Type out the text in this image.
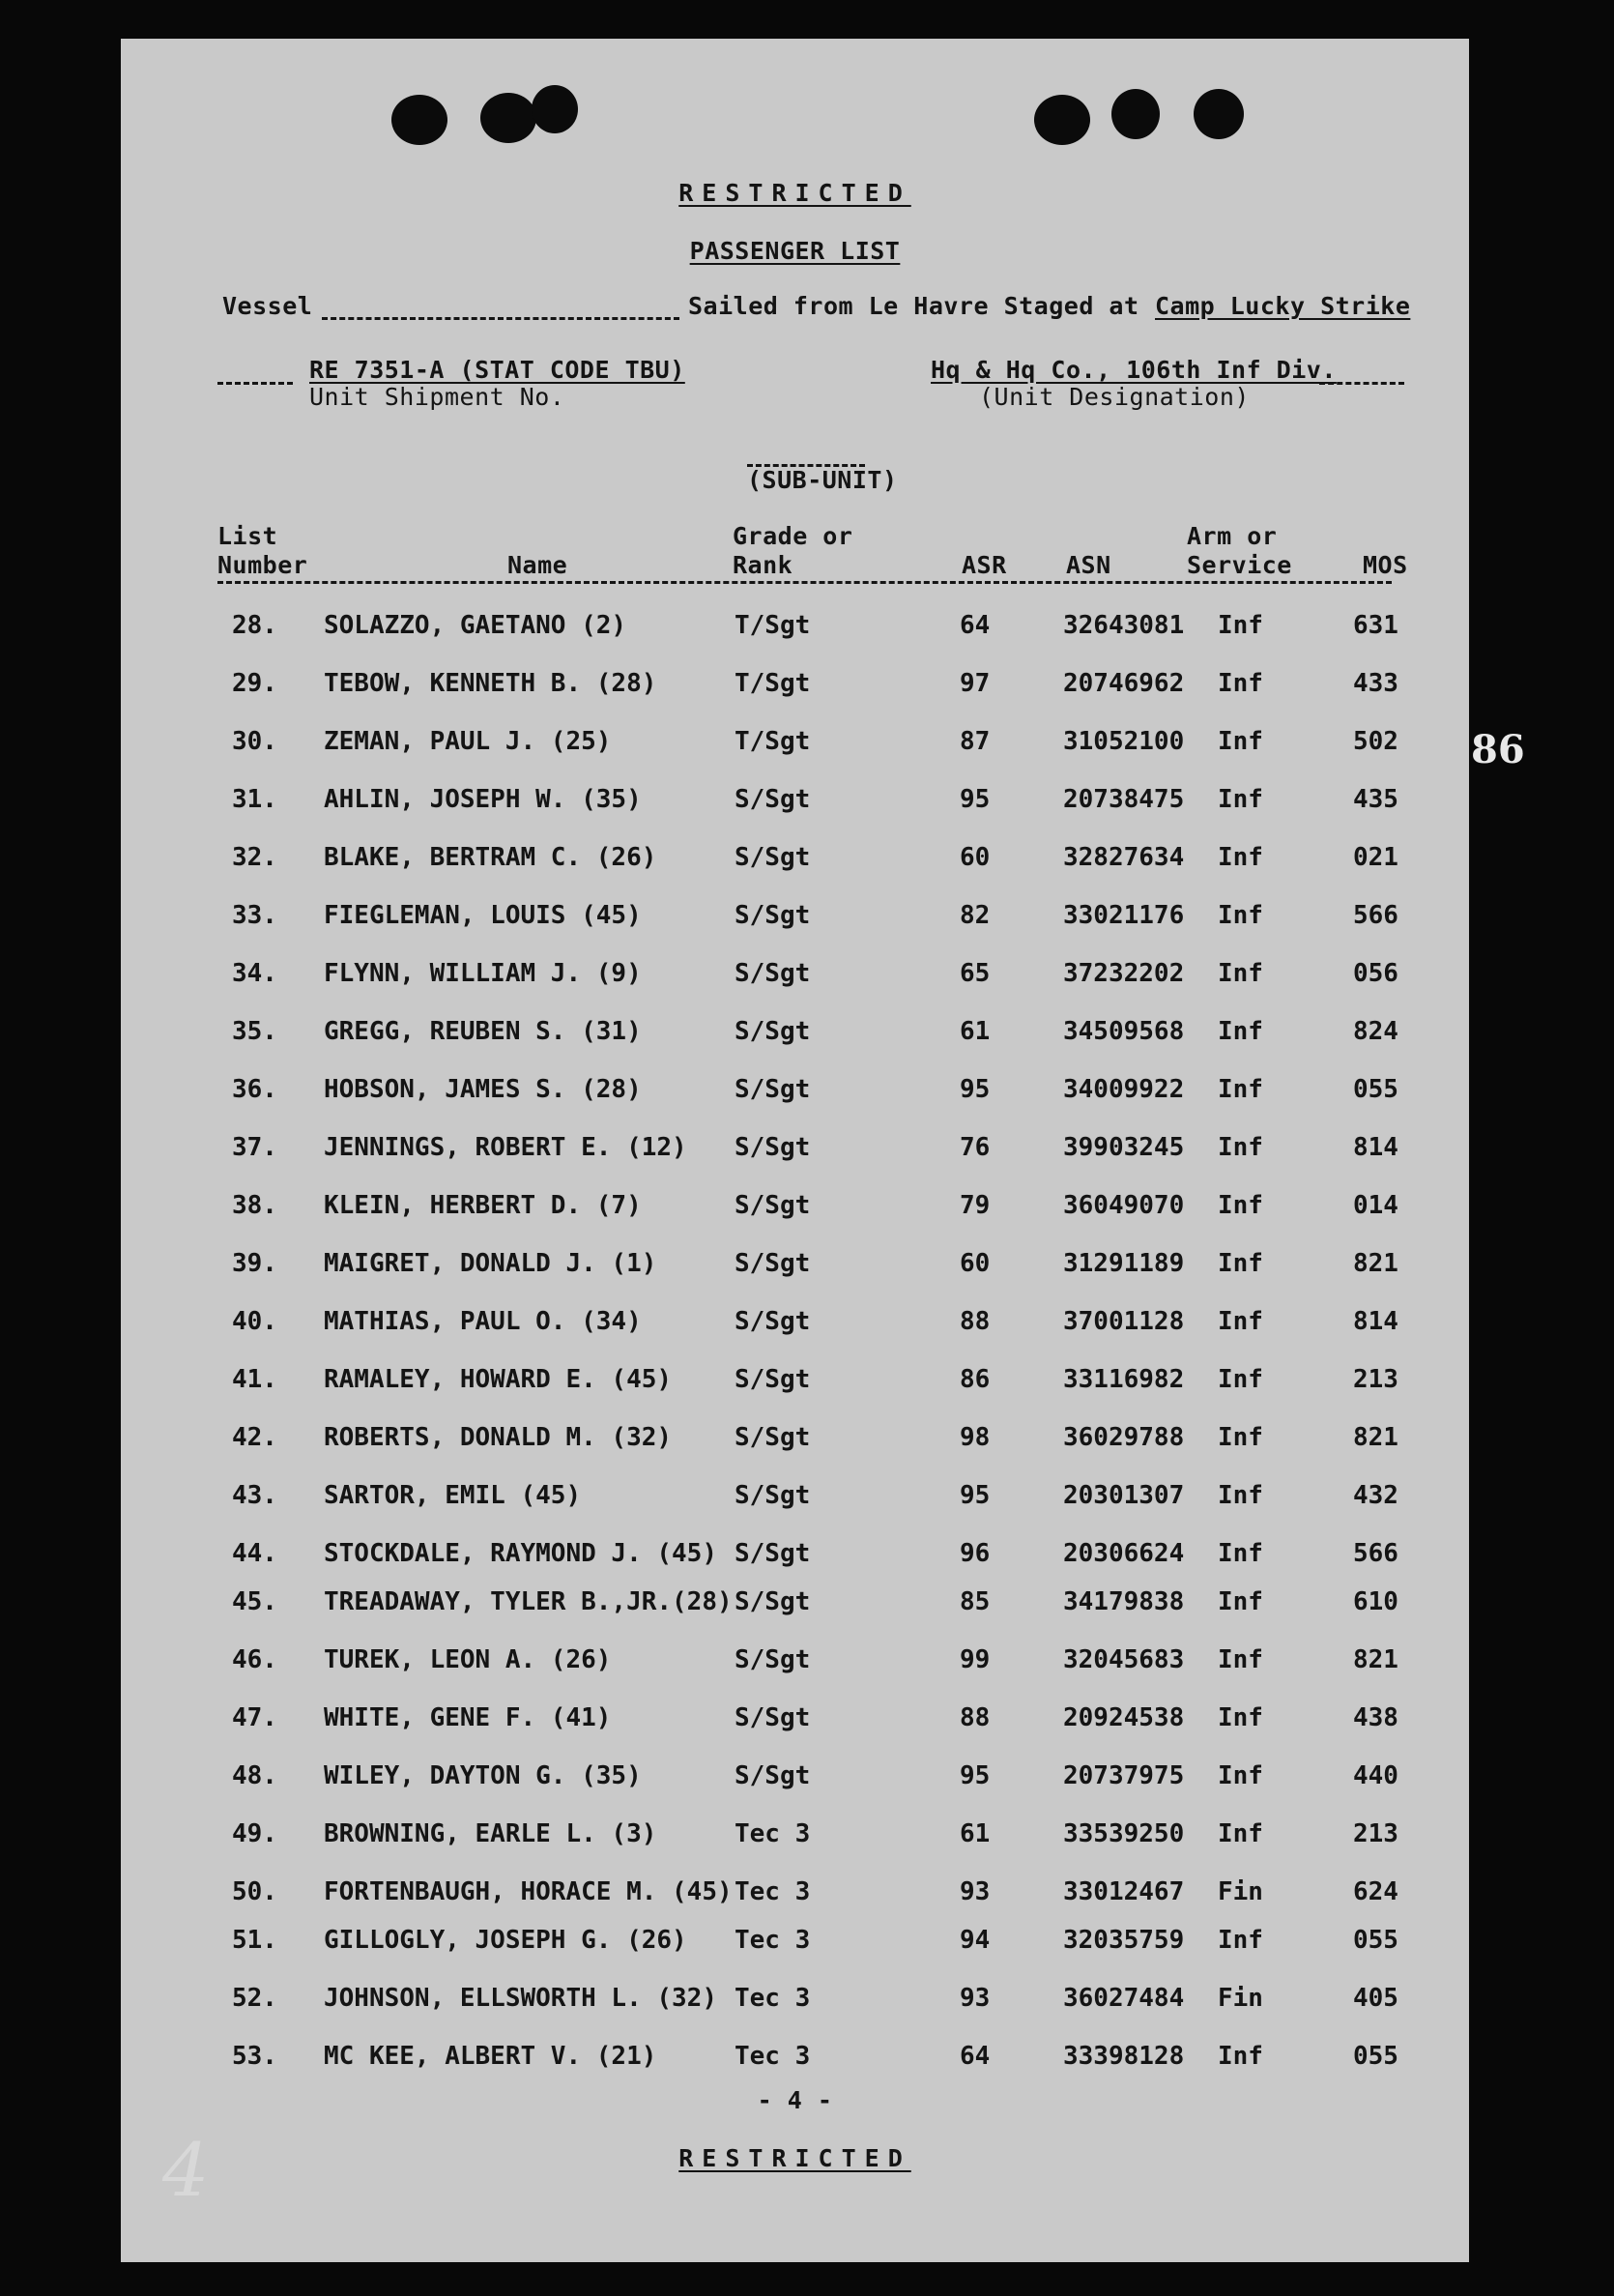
RESTRICTED
PASSENGER LIST
Vessel	Sailed from Le Havre Staged at Camp Lucky Strike
RE 7351-A (STAT CODE TBU)
Unit Shipment No.
Hq & Hq Co., 106th Inf Div.
(Unit Designation)
(SUB-UNIT)
List
Number	Name
Grade or
Rank	ASR ASN
Arm or
Service	MOS
28. SOLAZZO, GAETANO (2)	T/Sgt	64	32643081 Inf	631
29. TEBOW, KENNETH B. (28)	T/Sgt	97	20746962 Inf	433
30. ZEMAN, PAUL J. (25)	T/Sgt	87	31052100 Inf	502
31. AHLIN, JOSEPH W. (35)	S/Sgt	95	20738475 Inf	435
32. BLAKE, BERTRAM C. (26)	S/Sgt	60	32827634 Inf	021
33. FIEGLEMAN, LOUIS (45)	S/Sgt	82	33021176 Inf	566
34. FLYNN, WILLIAM J. (9)	S/Sgt	65	37232202 Inf	056
35. GREGG, REUBEN S. (31)	S/Sgt	61	34509568 Inf	824
36. HOBSON, JAMES S. (28)	S/Sgt	95	34009922 Inf	055
37. JENNINGS, ROBERT E. (12) S/Sgt	76	39903245 Inf	814
38. KLEIN, HERBERT D. (7)	S/Sgt	79	36049070 Inf	014
39. MAIGRET, DONALD J. (1)	S/Sgt	60	31291189 Inf	821
40. MATHIAS, PAUL O. (34)	S/Sgt	88	37001128 Inf	814
41. RAMALEY, HOWARD E. (45) S/Sgt	86	33116982 Inf	213
42. ROBERTS, DONALD M. (32) S/Sgt	98	36029788 Inf	821
43. SARTOR, EMIL (45)	S/Sgt	95	20301307 Inf	432
44. STOCKDALE, RAYMOND J. (45) S/Sgt	96	20306624 Inf	566
45. TREADAWAY, TYLER B.,JR.(28) S/Sgt	85	34179838 Inf	610
46. TUREK, LEON A. (26)	S/Sgt	99	32045683 Inf	821
47. WHITE, GENE F. (41)	S/Sgt	88	20924538 Inf	438
48. WILEY, DAYTON G. (35)	S/Sgt	95	20737975 Inf	440
49. BROWNING, EARLE L. (3)	Tec 3	61	33539250 Inf	213
50. FORTENBAUGH, HORACE M. (45) Tec 3	93	33012467 Fin	624
51. GILLOGLY, JOSEPH G. (26) Tec 3	94	32035759 Inf	055
52. JOHNSON, ELLSWORTH L. (32) Tec 3	93	36027484 Fin	405
53. MC KEE, ALBERT V. (21)	Tec 3	64	33398128 Inf	055
- 4 -
RESTRICTED
86
4
